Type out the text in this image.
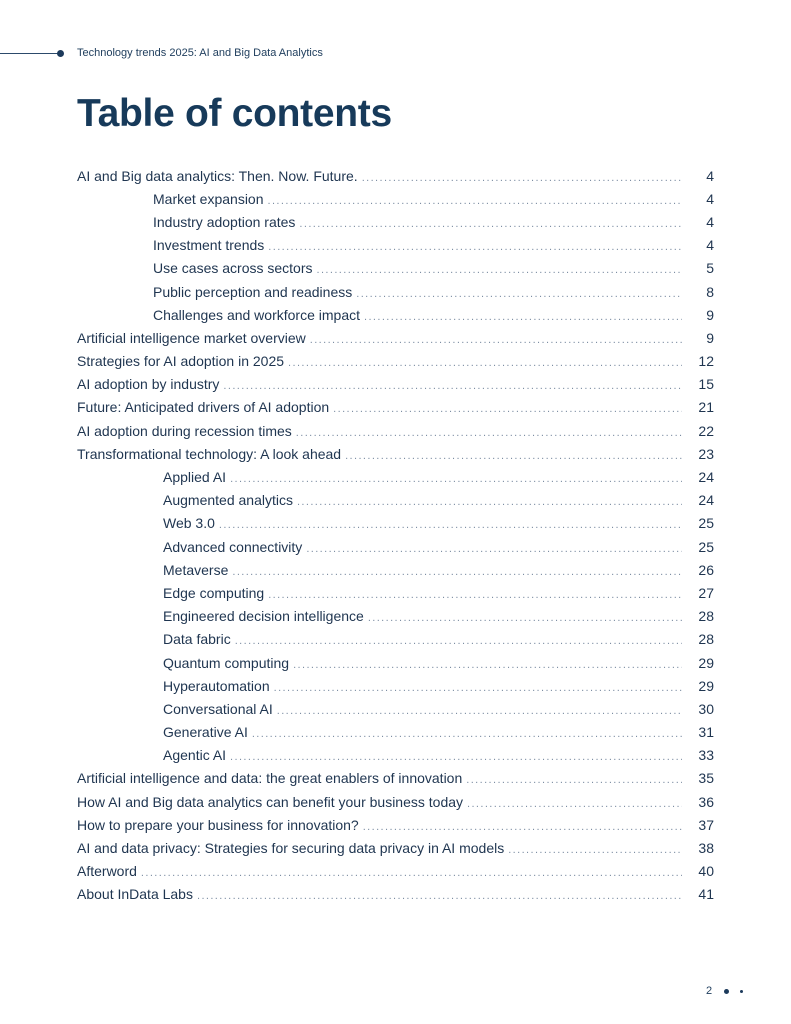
Technology trends 2025: AI and Big Data Analytics
Table of contents
AI and Big data analytics: Then. Now. Future. .....	4
Market expansion .....	4
Industry adoption rates .....	4
Investment trends .....	4
Use cases across sectors .....	5
Public perception and readiness .....	8
Challenges and workforce impact .....	9
Artificial intelligence market overview .....	9
Strategies for AI adoption in 2025 .....	12
AI adoption by industry .....	15
Future: Anticipated drivers of AI adoption .....	21
AI adoption during recession times .....	22
Transformational technology: A look ahead .....	23
Applied AI .....	24
Augmented analytics .....	24
Web 3.0 .....	25
Advanced connectivity .....	25
Metaverse .....	26
Edge computing .....	27
Engineered decision intelligence .....	28
Data fabric .....	28
Quantum computing .....	29
Hyperautomation .....	29
Conversational AI .....	30
Generative AI .....	31
Agentic AI .....	33
Artificial intelligence and data: the great enablers of innovation .....	35
How AI and Big data analytics can benefit your business today .....	36
How to prepare your business for innovation? .....	37
AI and data privacy: Strategies for securing data privacy in AI models .....	38
Afterword .....	40
About InData Labs .....	41
2
